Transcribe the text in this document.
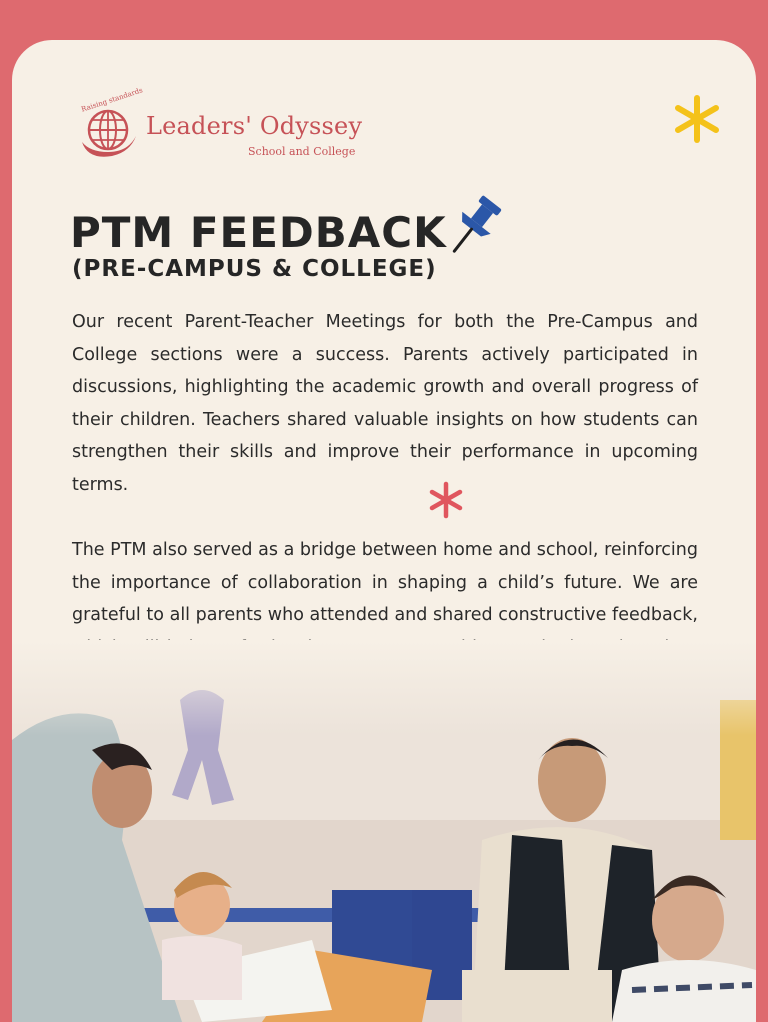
Raising standards
Leaders' Odyssey
School and College
PTM FEEDBACK
(PRE-CAMPUS & COLLEGE)

Our recent Parent-Teacher Meetings for both the Pre-Campus and College sections were a success. Parents actively participated in discussions, highlighting the academic growth and overall progress of their children. Teachers shared valuable insights on how students can strengthen their skills and improve their performance in upcoming terms.

The PTM also served as a bridge between home and school, reinforcing the importance of collaboration in shaping a child’s future. We are grateful to all parents who attended and shared constructive feedback,
